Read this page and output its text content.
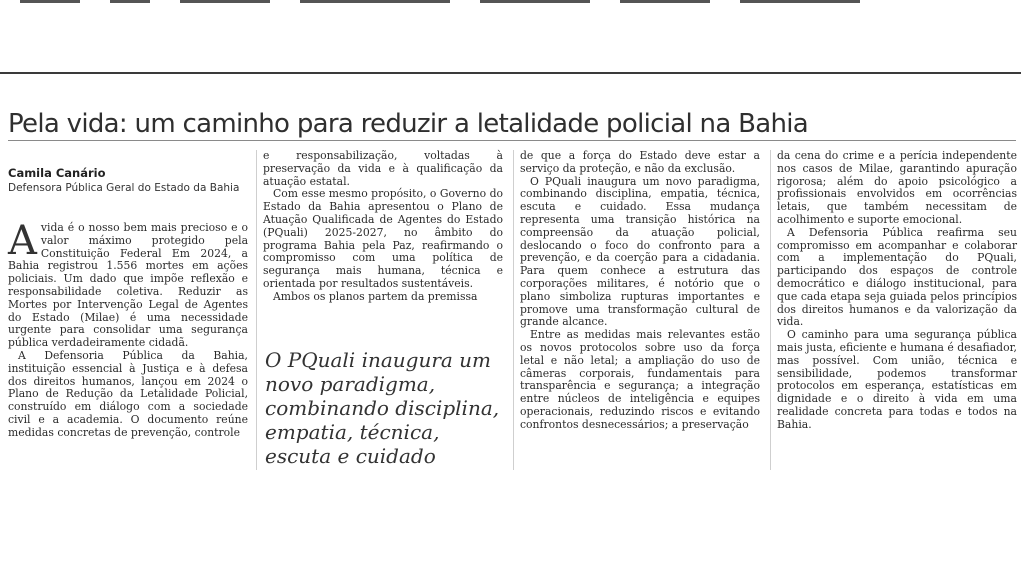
Pela vida: um caminho para reduzir a letalidade policial na Bahia
Camila Canário
Defensora Pública Geral do Estado da Bahia
A vida é o nosso bem mais precioso e o valor máximo protegido pela Constituição Federal Em 2024, a Bahia registrou 1.556 mortes em ações policiais. Um dado que impõe reflexão e responsabilidade coletiva. Reduzir as Mortes por Intervenção Legal de Agentes do Estado (Milae) é uma necessidade urgente para consolidar uma segurança pública verdadeiramente cidadã.

A Defensoria Pública da Bahia, instituição essencial à Justiça e à defesa dos direitos humanos, lançou em 2024 o Plano de Redução da Letalidade Policial, construído em diálogo com a sociedade civil e a academia. O documento reúne medidas concretas de prevenção, controle

e responsabilização, voltadas à preservação da vida e à qualificação da atuação estatal.

Com esse mesmo propósito, o Governo do Estado da Bahia apresentou o Plano de Atuação Qualificada de Agentes do Estado (PQuali) 2025-2027, no âmbito do programa Bahia pela Paz, reafirmando o compromisso com uma política de segurança mais humana, técnica e orientada por resultados sustentáveis.

Ambos os planos partem da premissa

O PQuali inaugura um novo paradigma, combinando disciplina, empatia, técnica, escuta e cuidado

de que a força do Estado deve estar a serviço da proteção, e não da exclusão.

O PQuali inaugura um novo paradigma, combinando disciplina, empatia, técnica, escuta e cuidado. Essa mudança representa uma transição histórica na compreensão da atuação policial, deslocando o foco do confronto para a prevenção, e da coerção para a cidadania. Para quem conhece a estrutura das corporações militares, é notório que o plano simboliza rupturas importantes e promove uma transformação cultural de grande alcance.

Entre as medidas mais relevantes estão os novos protocolos sobre uso da força letal e não letal; a ampliação do uso de câmeras corporais, fundamentais para transparência e segurança; a integração entre núcleos de inteligência e equipes operacionais, reduzindo riscos e evitando confrontos desnecessários; a preservação

da cena do crime e a perícia independente nos casos de Milae, garantindo apuração rigorosa; além do apoio psicológico a profissionais envolvidos em ocorrências letais, que também necessitam de acolhimento e suporte emocional.

A Defensoria Pública reafirma seu compromisso em acompanhar e colaborar com a implementação do PQuali, participando dos espaços de controle democrático e diálogo institucional, para que cada etapa seja guiada pelos princípios dos direitos humanos e da valorização da vida.

O caminho para uma segurança pública mais justa, eficiente e humana é desafiador, mas possível. Com união, técnica e sensibilidade, podemos transformar protocolos em esperança, estatísticas em dignidade e o direito à vida em uma realidade concreta para todas e todos na Bahia.
